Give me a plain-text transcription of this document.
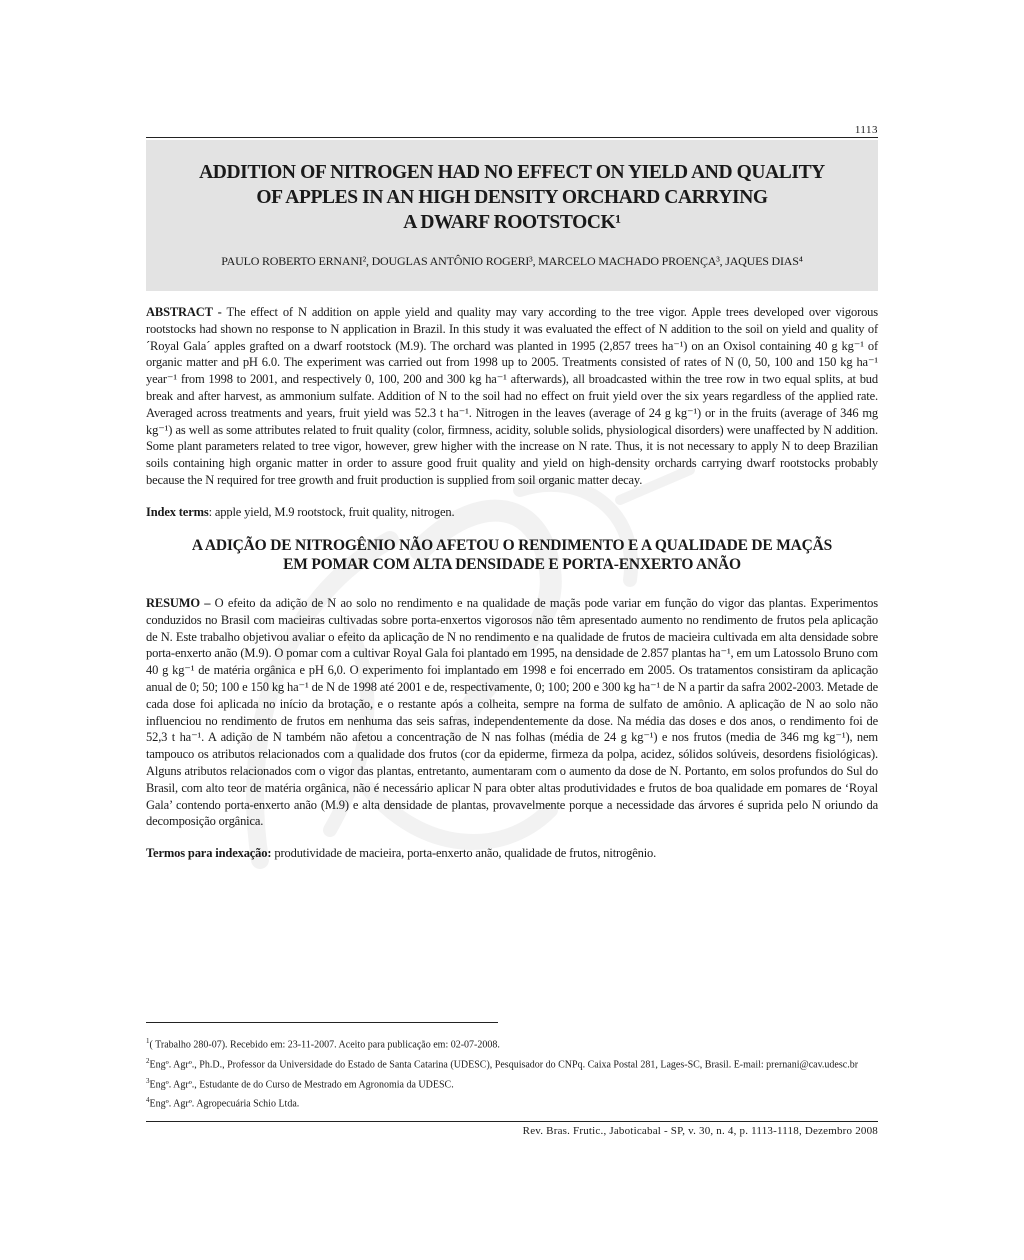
1113
ADDITION OF NITROGEN HAD NO EFFECT ON YIELD AND QUALITY
OF APPLES IN AN HIGH DENSITY ORCHARD CARRYING
A DWARF ROOTSTOCK¹
PAULO ROBERTO ERNANI², DOUGLAS ANTÔNIO ROGERI³, MARCELO MACHADO PROENÇA³, JAQUES DIAS⁴
ABSTRACT - The effect of N addition on apple yield and quality may vary according to the tree vigor. Apple trees developed over vigorous rootstocks had shown no response to N application in Brazil. In this study it was evaluated the effect of N addition to the soil on yield and quality of ´Royal Gala´ apples grafted on a dwarf rootstock (M.9). The orchard was planted in 1995 (2,857 trees ha⁻¹) on an Oxisol containing 40 g kg⁻¹ of organic matter and pH 6.0. The experiment was carried out from 1998 up to 2005. Treatments consisted of rates of N (0, 50, 100 and 150 kg ha⁻¹ year⁻¹ from 1998 to 2001, and respectively 0, 100, 200 and 300 kg ha⁻¹ afterwards), all broadcasted within the tree row in two equal splits, at bud break and after harvest, as ammonium sulfate. Addition of N to the soil had no effect on fruit yield over the six years regardless of the applied rate. Averaged across treatments and years, fruit yield was 52.3 t ha⁻¹. Nitrogen in the leaves (average of 24 g kg⁻¹) or in the fruits (average of 346 mg kg⁻¹) as well as some attributes related to fruit quality (color, firmness, acidity, soluble solids, physiological disorders) were unaffected by N addition. Some plant parameters related to tree vigor, however, grew higher with the increase on N rate. Thus, it is not necessary to apply N to deep Brazilian soils containing high organic matter in order to assure good fruit quality and yield on high-density orchards carrying dwarf rootstocks probably because the N required for tree growth and fruit production is supplied from soil organic matter decay.
Index terms: apple yield, M.9 rootstock, fruit quality, nitrogen.
A ADIÇÃO DE NITROGÊNIO NÃO AFETOU O RENDIMENTO E A QUALIDADE DE MAÇÃS
EM POMAR COM ALTA DENSIDADE E PORTA-ENXERTO ANÃO
RESUMO – O efeito da adição de N ao solo no rendimento e na qualidade de maçãs pode variar em função do vigor das plantas. Experimentos conduzidos no Brasil com macieiras cultivadas sobre porta-enxertos vigorosos não têm apresentado aumento no rendimento de frutos pela aplicação de N. Este trabalho objetivou avaliar o efeito da aplicação de N no rendimento e na qualidade de frutos de macieira cultivada em alta densidade sobre porta-enxerto anão (M.9). O pomar com a cultivar Royal Gala foi plantado em 1995, na densidade de 2.857 plantas ha⁻¹, em um Latossolo Bruno com 40 g kg⁻¹ de matéria orgânica e pH 6,0. O experimento foi implantado em 1998 e foi encerrado em 2005. Os tratamentos consistiram da aplicação anual de 0; 50; 100 e 150 kg ha⁻¹ de N de 1998 até 2001 e de, respectivamente, 0; 100; 200 e 300 kg ha⁻¹ de N a partir da safra 2002-2003. Metade de cada dose foi aplicada no início da brotação, e o restante após a colheita, sempre na forma de sulfato de amônio. A aplicação de N ao solo não influenciou no rendimento de frutos em nenhuma das seis safras, independentemente da dose. Na média das doses e dos anos, o rendimento foi de 52,3 t ha⁻¹. A adição de N também não afetou a concentração de N nas folhas (média de 24 g kg⁻¹) e nos frutos (media de 346 mg kg⁻¹), nem tampouco os atributos relacionados com a qualidade dos frutos (cor da epiderme, firmeza da polpa, acidez, sólidos solúveis, desordens fisiológicas). Alguns atributos relacionados com o vigor das plantas, entretanto, aumentaram com o aumento da dose de N. Portanto, em solos profundos do Sul do Brasil, com alto teor de matéria orgânica, não é necessário aplicar N para obter altas produtividades e frutos de boa qualidade em pomares de ‘Royal Gala’ contendo porta-enxerto anão (M.9) e alta densidade de plantas, provavelmente porque a necessidade das árvores é suprida pelo N oriundo da decomposição orgânica.
Termos para indexação: produtividade de macieira, porta-enxerto anão, qualidade de frutos, nitrogênio.
$^1$( Trabalho 280-07). Recebido em: 23-11-2007. Aceito para publicação em: 02-07-2008.
$^2$Engº. Agrº., Ph.D., Professor da Universidade do Estado de Santa Catarina (UDESC), Pesquisador do CNPq. Caixa Postal 281, Lages-SC, Brasil. E-mail: prernani@cav.udesc.br
$^3$Engº. Agrº., Estudante de do Curso de Mestrado em Agronomia da UDESC.
$^4$Engº. Agrº. Agropecuária Schio Ltda.
Rev. Bras. Frutic., Jaboticabal - SP, v. 30, n. 4, p. 1113-1118, Dezembro 2008
